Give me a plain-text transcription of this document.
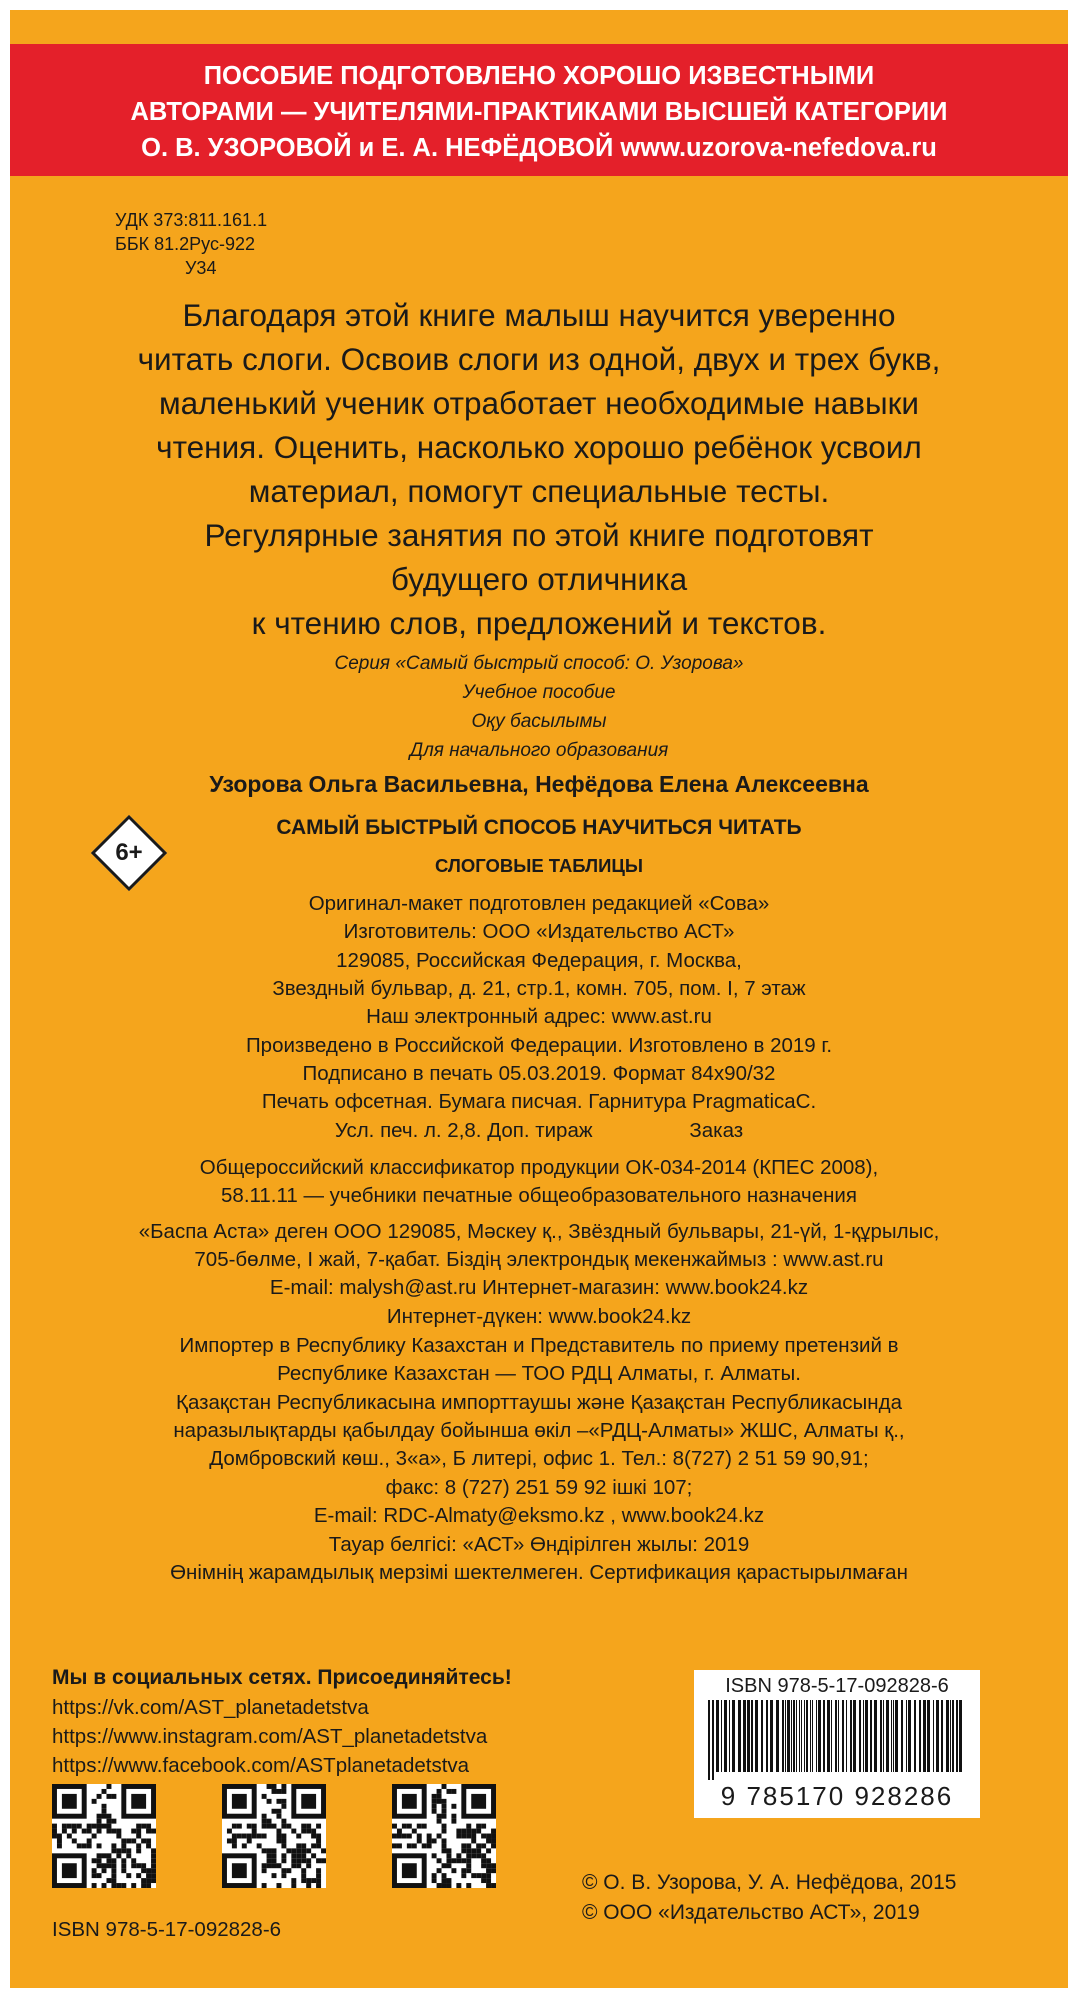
ПОСОБИЕ ПОДГОТОВЛЕНО ХОРОШО ИЗВЕСТНЫМИ
АВТОРАМИ — УЧИТЕЛЯМИ-ПРАКТИКАМИ ВЫСШЕЙ КАТЕГОРИИ
О. В. УЗОРОВОЙ и Е. А. НЕФЁДОВОЙ www.uzorova-nefedova.ru
УДК 373:811.161.1
ББК 81.2Рус-922
У34
Благодаря этой книге малыш научится уверенно
читать слоги. Освоив слоги из одной, двух и трех букв,
маленький ученик отработает необходимые навыки
чтения. Оценить, насколько хорошо ребёнок усвоил
материал, помогут специальные тесты.
Регулярные занятия по этой книге подготовят
будущего отличника
к чтению слов, предложений и текстов.
Серия «Самый быстрый способ: О. Узорова»
Учебное пособие
Оқу басылымы
Для начального образования
Узорова Ольга Васильевна, Нефёдова Елена Алексеевна
САМЫЙ БЫСТРЫЙ СПОСОБ НАУЧИТЬСЯ ЧИТАТЬ
СЛОГОВЫЕ ТАБЛИЦЫ
6+
Оригинал-макет подготовлен редакцией «Сова»
Изготовитель: ООО «Издательство АСТ»
129085, Российская Федерация, г. Москва,
Звездный бульвар, д. 21, стр.1, комн. 705, пом. I, 7 этаж
Наш электронный адрес: www.ast.ru
Произведено в Российской Федерации. Изготовлено в 2019 г.
Подписано в печать 05.03.2019. Формат 84х90/32
Печать офсетная. Бумага писчая. Гарнитура PragmaticaC.
Усл. печ. л. 2,8. Доп. тираж                 Заказ
Общероссийский классификатор продукции ОК-034-2014 (КПЕС 2008),
58.11.11 — учебники печатные общеобразовательного назначения
«Баспа Аста» деген ООО 129085, Мәскеу қ., Звёздный бульвары, 21-үй, 1-құрылыс,
705-бөлме, I жай, 7-қабат. Біздің электрондық мекенжаймыз : www.ast.ru
E-mail: malysh@ast.ru Интернет-магазин: www.book24.kz
Интернет-дүкен: www.book24.kz
Импортер в Республику Казахстан и Представитель по приему претензий в
Республике Казахстан — ТОО РДЦ Алматы, г. Алматы.
Қазақстан Республикасына импорттаушы және Қазақстан Республикасында
наразылықтарды қабылдау бойынша өкіл –«РДЦ-Алматы» ЖШС, Алматы қ.,
Домбровский көш., 3«а», Б литері, офис 1. Тел.: 8(727) 2 51 59 90,91;
факс: 8 (727) 251 59 92 ішкі 107;
E-mail: RDC-Almaty@eksmo.kz , www.book24.kz
Тауар белгісі: «АСТ» Өндірілген жылы: 2019
Өнімнің жарамдылық мерзімі шектелмеген. Сертификация қарастырылмаған
Мы в социальных сетях. Присоединяйтесь!
https://vk.com/AST_planetadetstva
https://www.instagram.com/AST_planetadetstva
https://www.facebook.com/ASTplanetadetstva
ISBN 978-5-17-092828-6
ISBN 978-5-17-092828-6
9 785170 928286
© О. В. Узорова, У. А. Нефёдова, 2015
© ООО «Издательство АСТ», 2019
